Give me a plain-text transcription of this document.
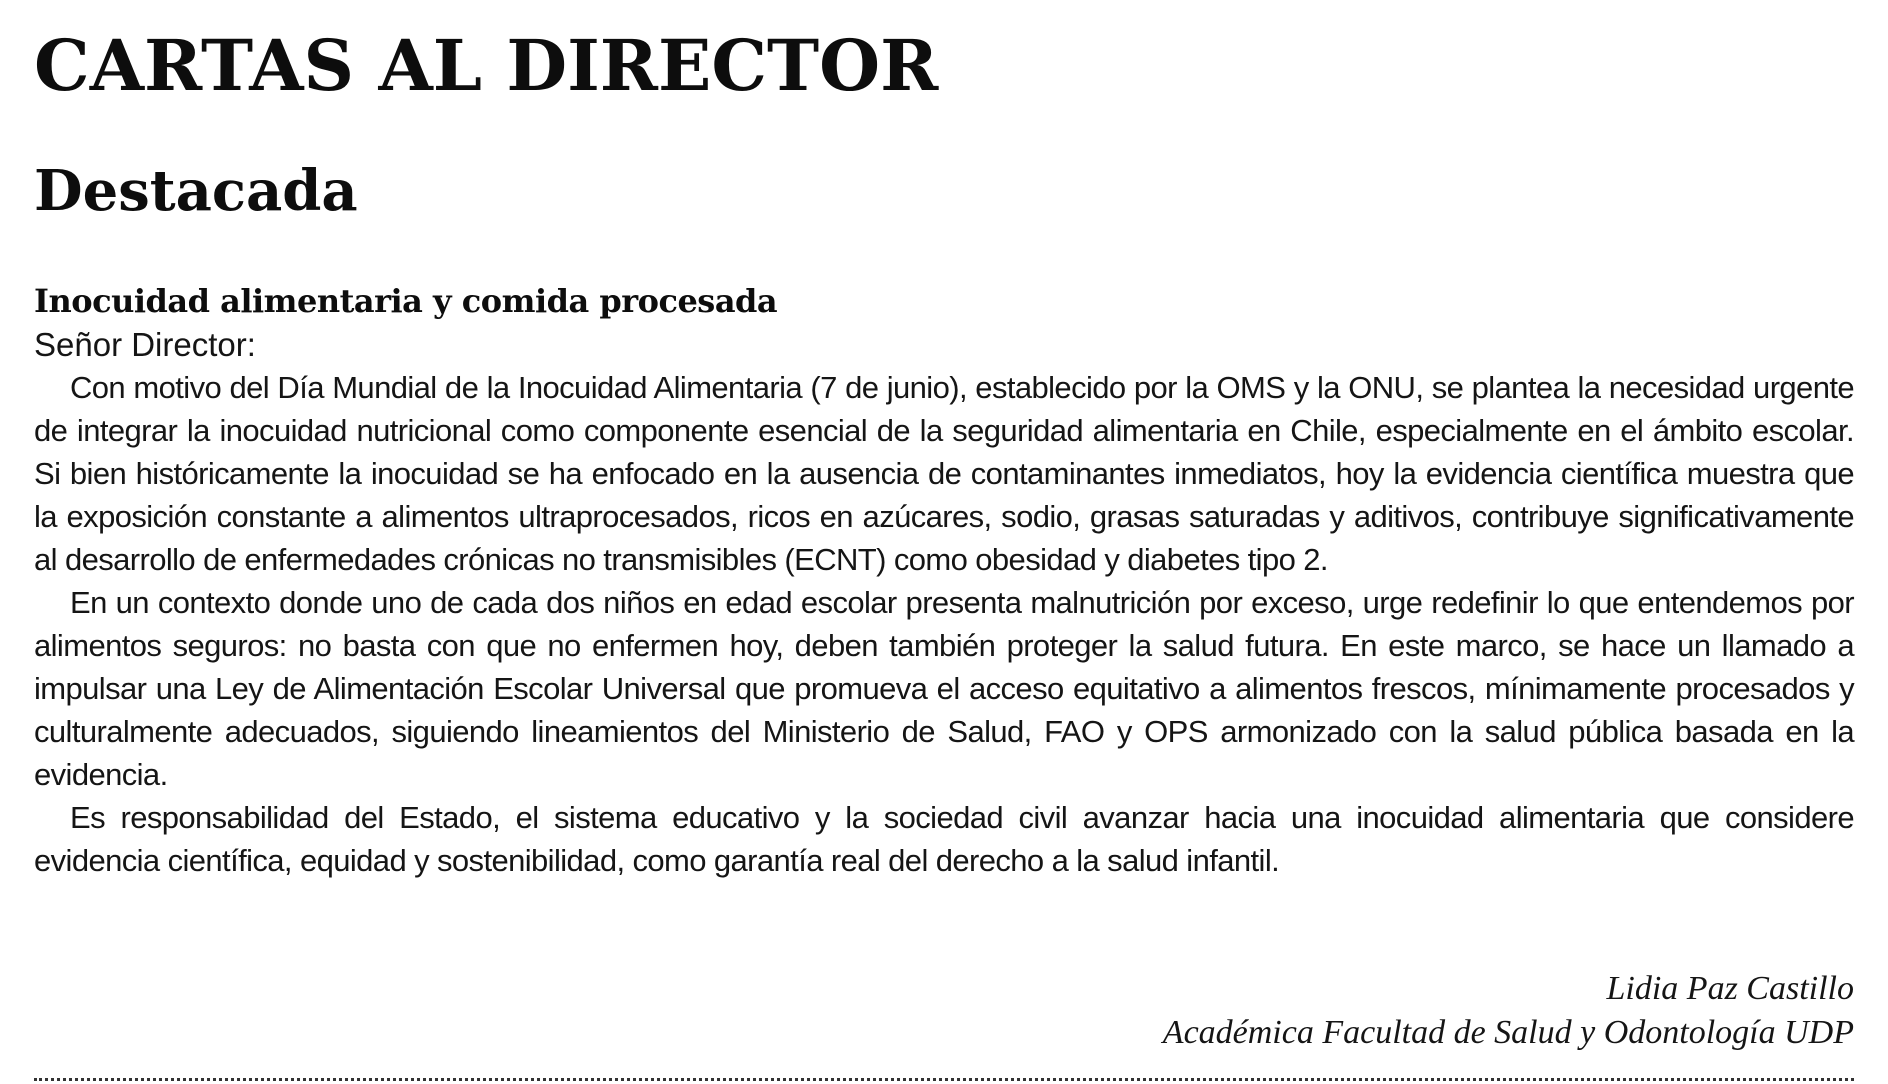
CARTAS AL DIRECTOR
Destacada
Inocuidad alimentaria y comida procesada

Señor Director:

Con motivo del Día Mundial de la Inocuidad Alimentaria (7 de junio), establecido por la OMS y la ONU, se plantea la necesidad urgente de integrar la inocuidad nutricional como componente esencial de la seguridad alimentaria en Chile, especialmente en el ámbito escolar. Si bien históricamente la inocuidad se ha enfocado en la ausencia de contaminantes inmediatos, hoy la evidencia científica muestra que la exposición constante a alimentos ultraprocesados, ricos en azúcares, sodio, grasas saturadas y aditivos, contribuye significativamente al desarrollo de enfermedades crónicas no transmisibles (ECNT) como obesidad y diabetes tipo 2.

En un contexto donde uno de cada dos niños en edad escolar presenta malnutrición por exceso, urge redefinir lo que entendemos por alimentos seguros: no basta con que no enfermen hoy, deben también proteger la salud futura. En este marco, se hace un llamado a impulsar una Ley de Alimentación Escolar Universal que promueva el acceso equitativo a alimentos frescos, mínimamente procesados y culturalmente adecuados, siguiendo lineamientos del Ministerio de Salud, FAO y OPS armonizado con la salud pública basada en la evidencia.

Es responsabilidad del Estado, el sistema educativo y la sociedad civil avanzar hacia una inocuidad alimentaria que considere evidencia científica, equidad y sostenibilidad, como garantía real del derecho a la salud infantil.

Lidia Paz Castillo
Académica Facultad de Salud y Odontología UDP
